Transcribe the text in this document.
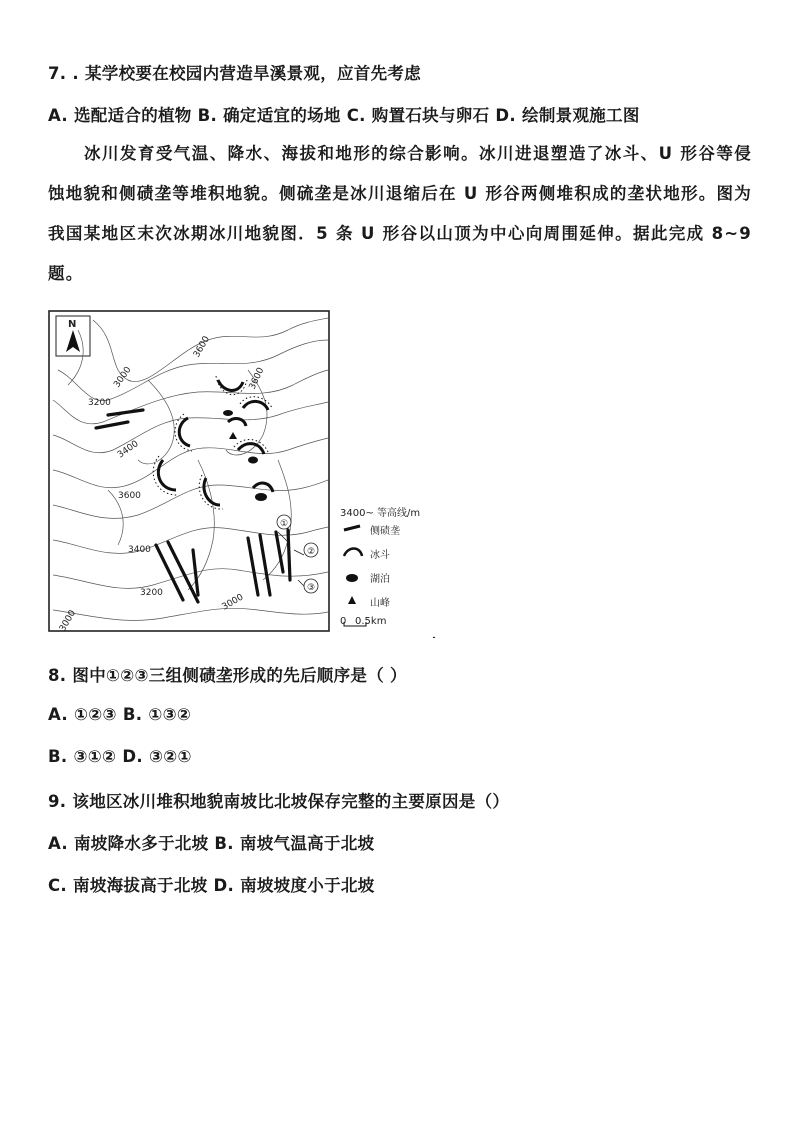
7. . 某学校要在校园内营造旱溪景观，应首先考虑
A. 选配适合的植物 B. 确定适宜的场地 C. 购置石块与卵石 D. 绘制景观施工图
冰川发育受气温、降水、海拔和地形的综合影响。冰川进退塑造了冰斗、U 形谷等侵蚀地貌和侧碛垄等堆积地貌。侧硫垄是冰川退缩后在 U 形谷两侧堆积成的垄状地形。图为我国某地区末次冰期冰川地貌图．5 条 U 形谷以山顶为中心向周围延伸。据此完成 8~9 题。
N
3600
3200
3000
3400
3600
3400
3200	3000
3000
3600
①
②
③
3400~ 等高线/m
侧碛垄
冰斗
湖泊
山峰
0 0.5km
8. 图中①②③三组侧碛垄形成的先后顺序是（ ）
A. ①②③ B. ①③②
B. ③①② D. ③②①
9. 该地区冰川堆积地貌南坡比北坡保存完整的主要原因是（）
A. 南坡降水多于北坡 B. 南坡气温高于北坡
C. 南坡海拔高于北坡 D. 南坡坡度小于北坡
